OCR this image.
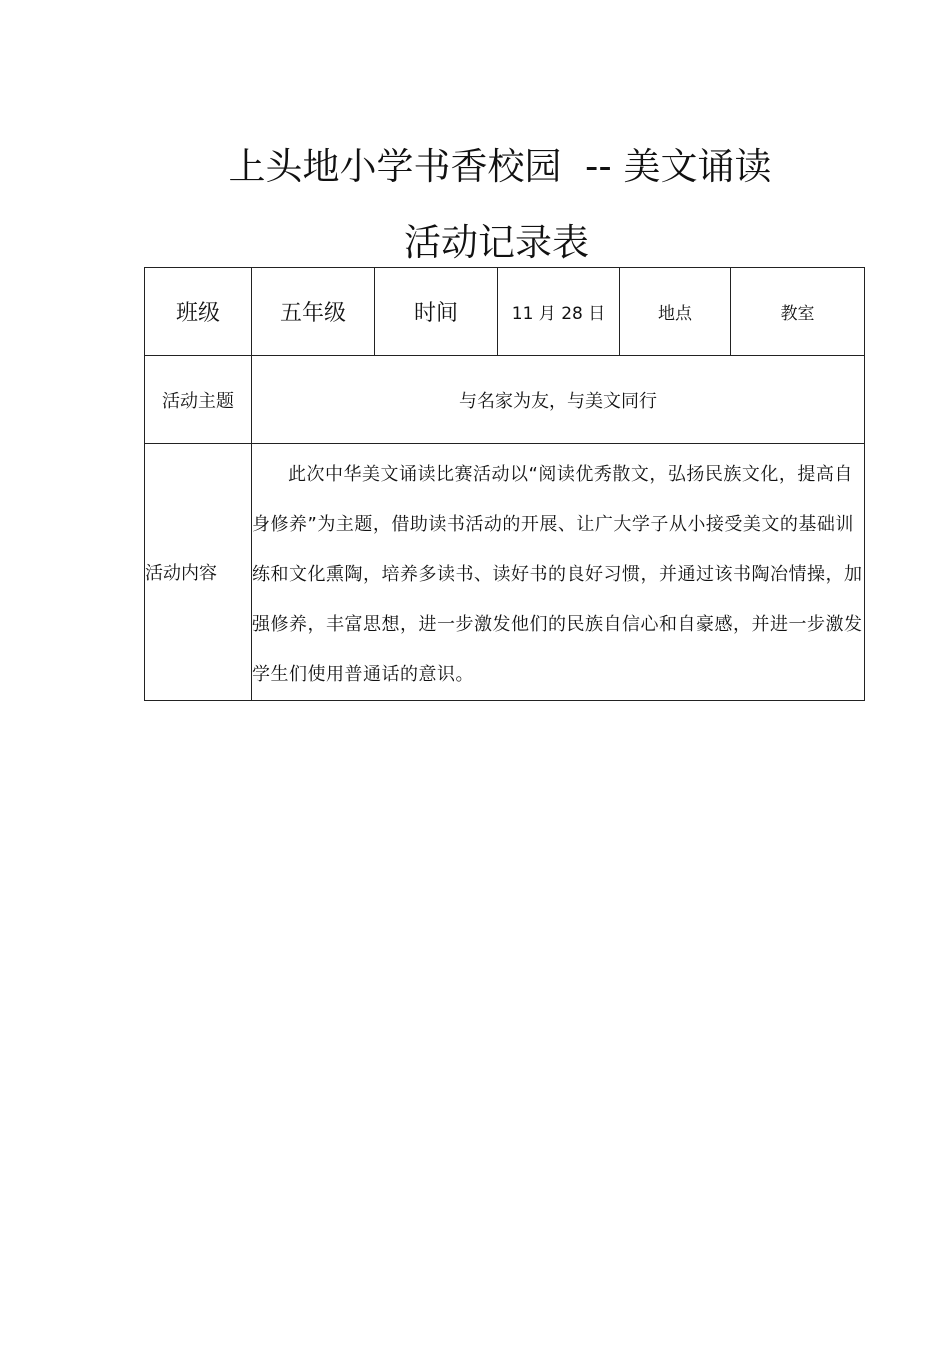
上头地小学书香校园  -- 美文诵读
活动记录表
班级	五年级	时间	11 月 28 日	地点	教室
活动主题	与名家为友，与美文同行				
活动内容	此次中华美文诵读比赛活动以“阅读优秀散文，弘扬民族文化，提高自身修养”为主题，借助读书活动的开展、让广大学子从小接受美文的基础训练和文化熏陶，培养多读书、读好书的良好习惯，并通过该书陶冶情操，加强修养，丰富思想，进一步激发他们的民族自信心和自豪感，并进一步激发学生们使用普通话的意识。				
